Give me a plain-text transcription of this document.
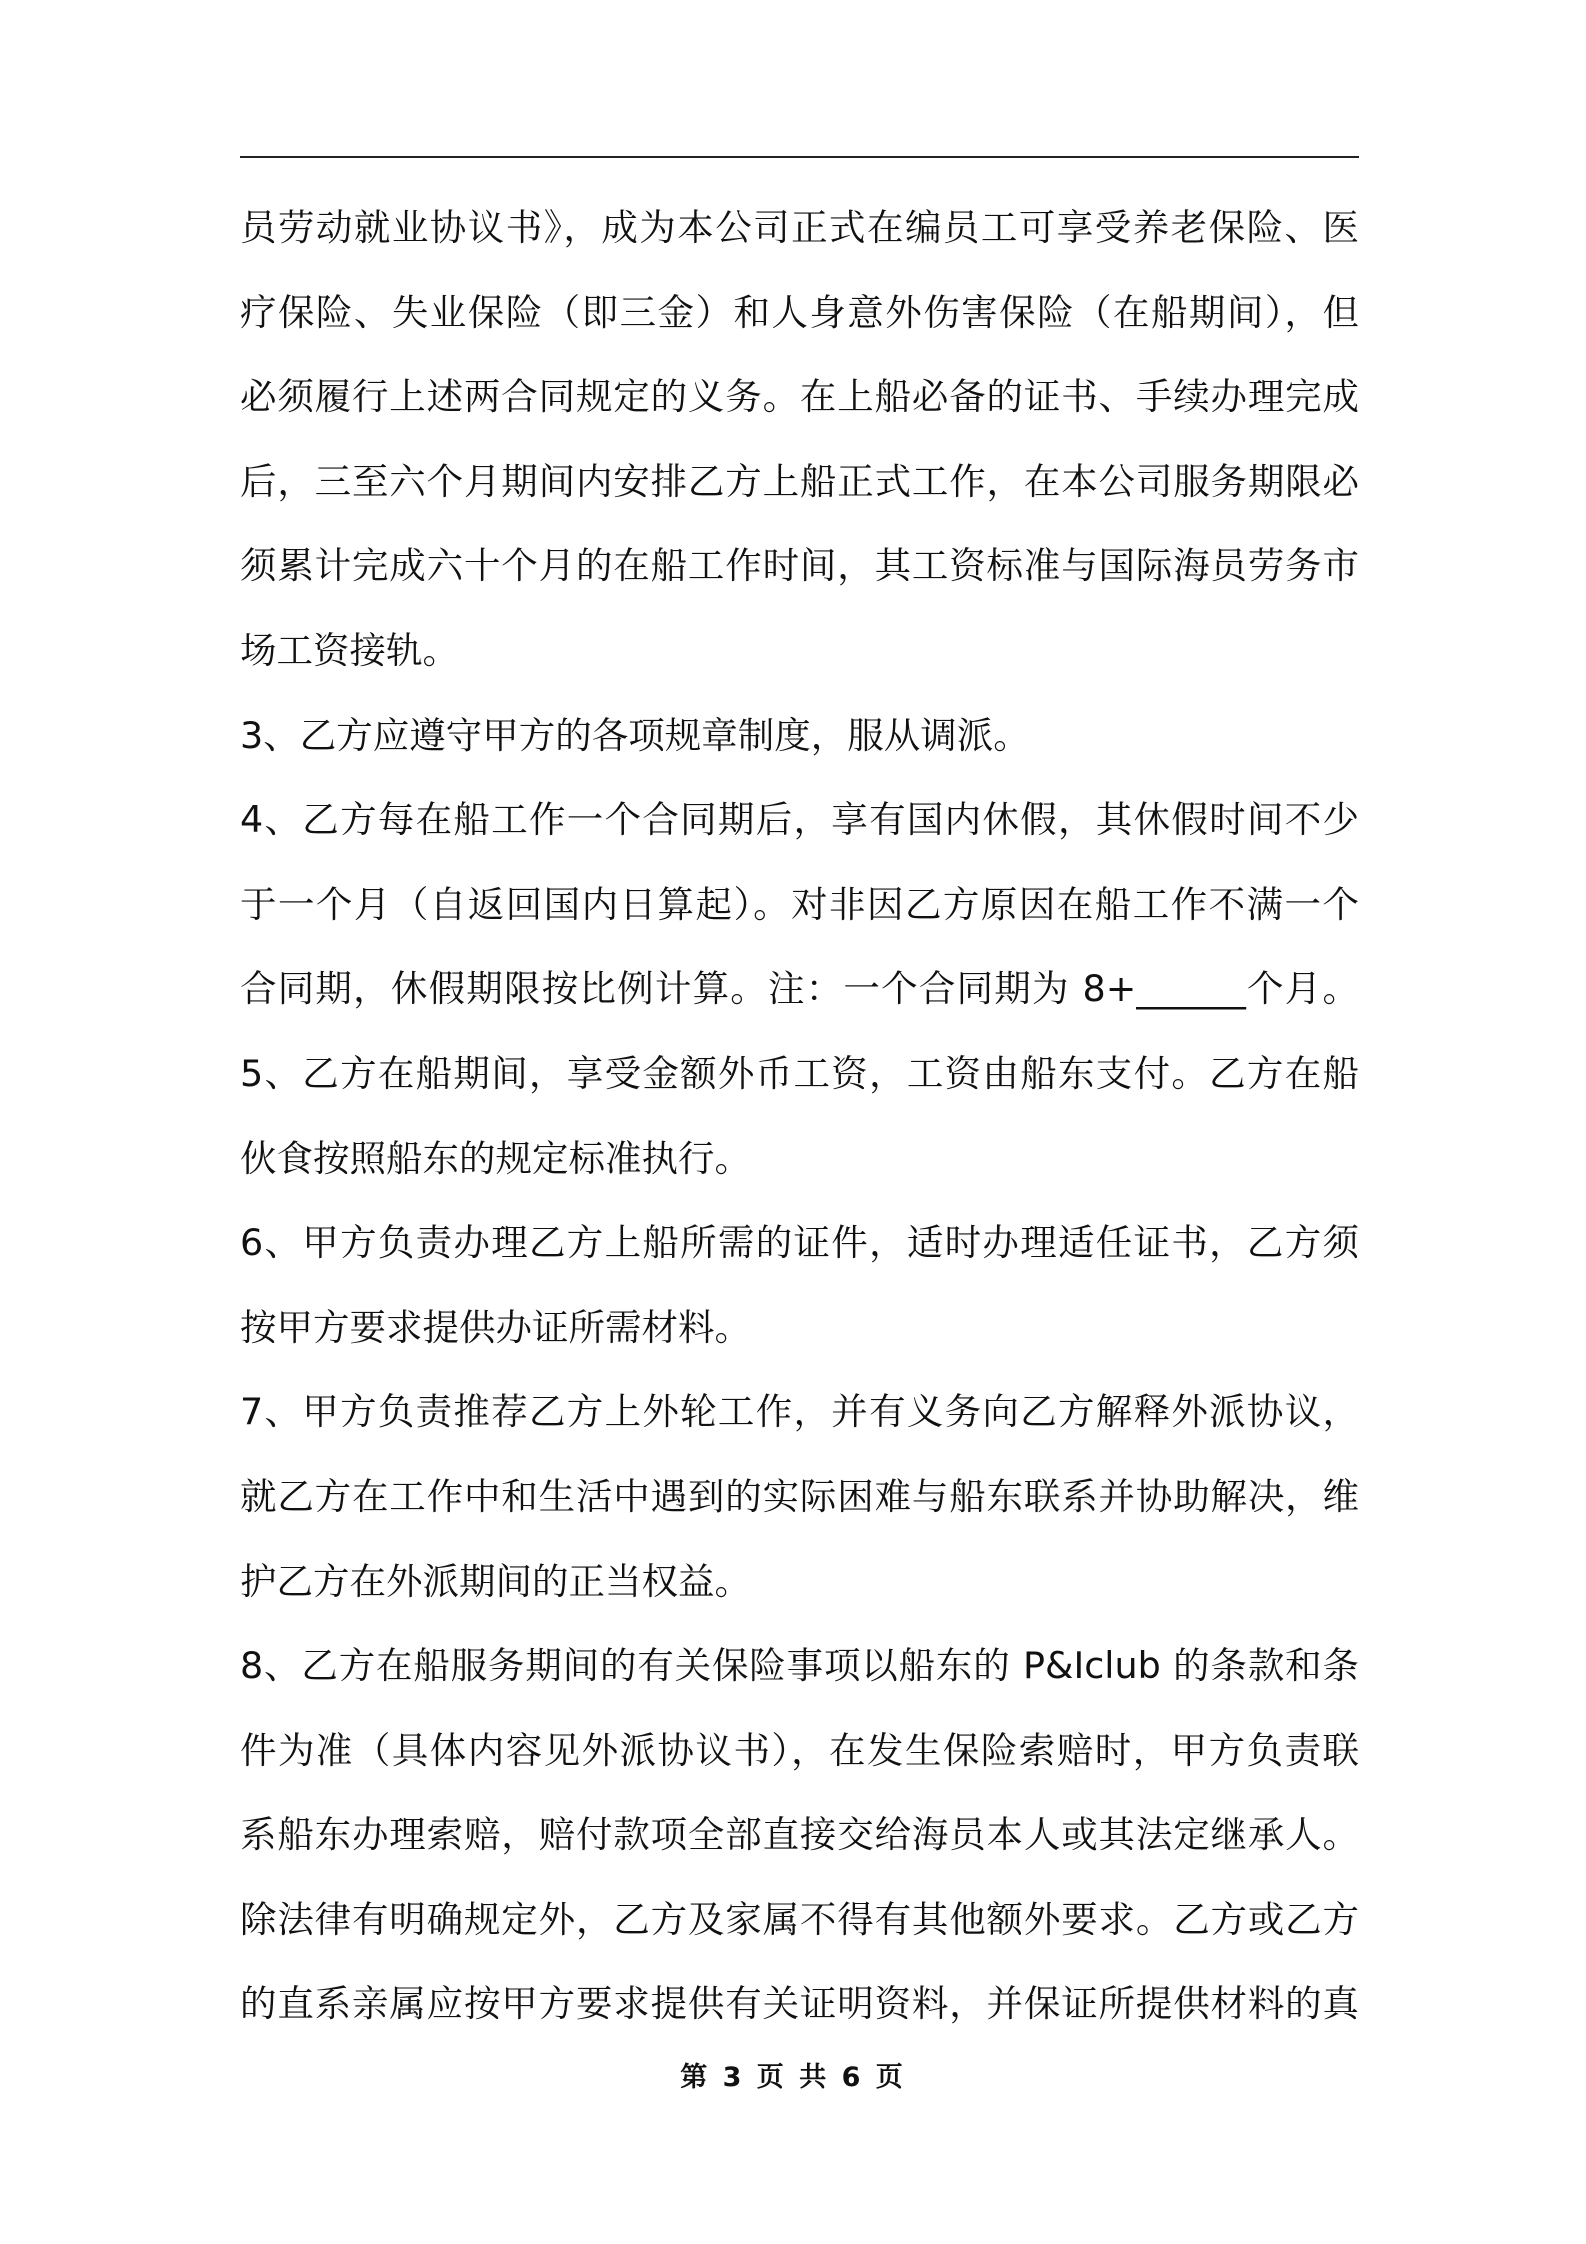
员劳动就业协议书》，成为本公司正式在编员工可享受养老保险、医
疗保险、失业保险（即三金）和人身意外伤害保险（在船期间），但
必须履行上述两合同规定的义务。在上船必备的证书、手续办理完成
后，三至六个月期间内安排乙方上船正式工作，在本公司服务期限必
须累计完成六十个月的在船工作时间，其工资标准与国际海员劳务市
场工资接轨。
3、乙方应遵守甲方的各项规章制度，服从调派。
4、乙方每在船工作一个合同期后，享有国内休假，其休假时间不少
于一个月（自返回国内日算起）。对非因乙方原因在船工作不满一个
合同期，休假期限按比例计算。注：一个合同期为 8+______个月。
5、乙方在船期间，享受金额外币工资，工资由船东支付。乙方在船
伙食按照船东的规定标准执行。
6、甲方负责办理乙方上船所需的证件，适时办理适任证书，乙方须
按甲方要求提供办证所需材料。
7、甲方负责推荐乙方上外轮工作，并有义务向乙方解释外派协议，
就乙方在工作中和生活中遇到的实际困难与船东联系并协助解决，维
护乙方在外派期间的正当权益。
8、乙方在船服务期间的有关保险事项以船东的 P&Iclub 的条款和条
件为准（具体内容见外派协议书），在发生保险索赔时，甲方负责联
系船东办理索赔，赔付款项全部直接交给海员本人或其法定继承人。
除法律有明确规定外，乙方及家属不得有其他额外要求。乙方或乙方
的直系亲属应按甲方要求提供有关证明资料，并保证所提供材料的真
第 3 页 共 6 页
